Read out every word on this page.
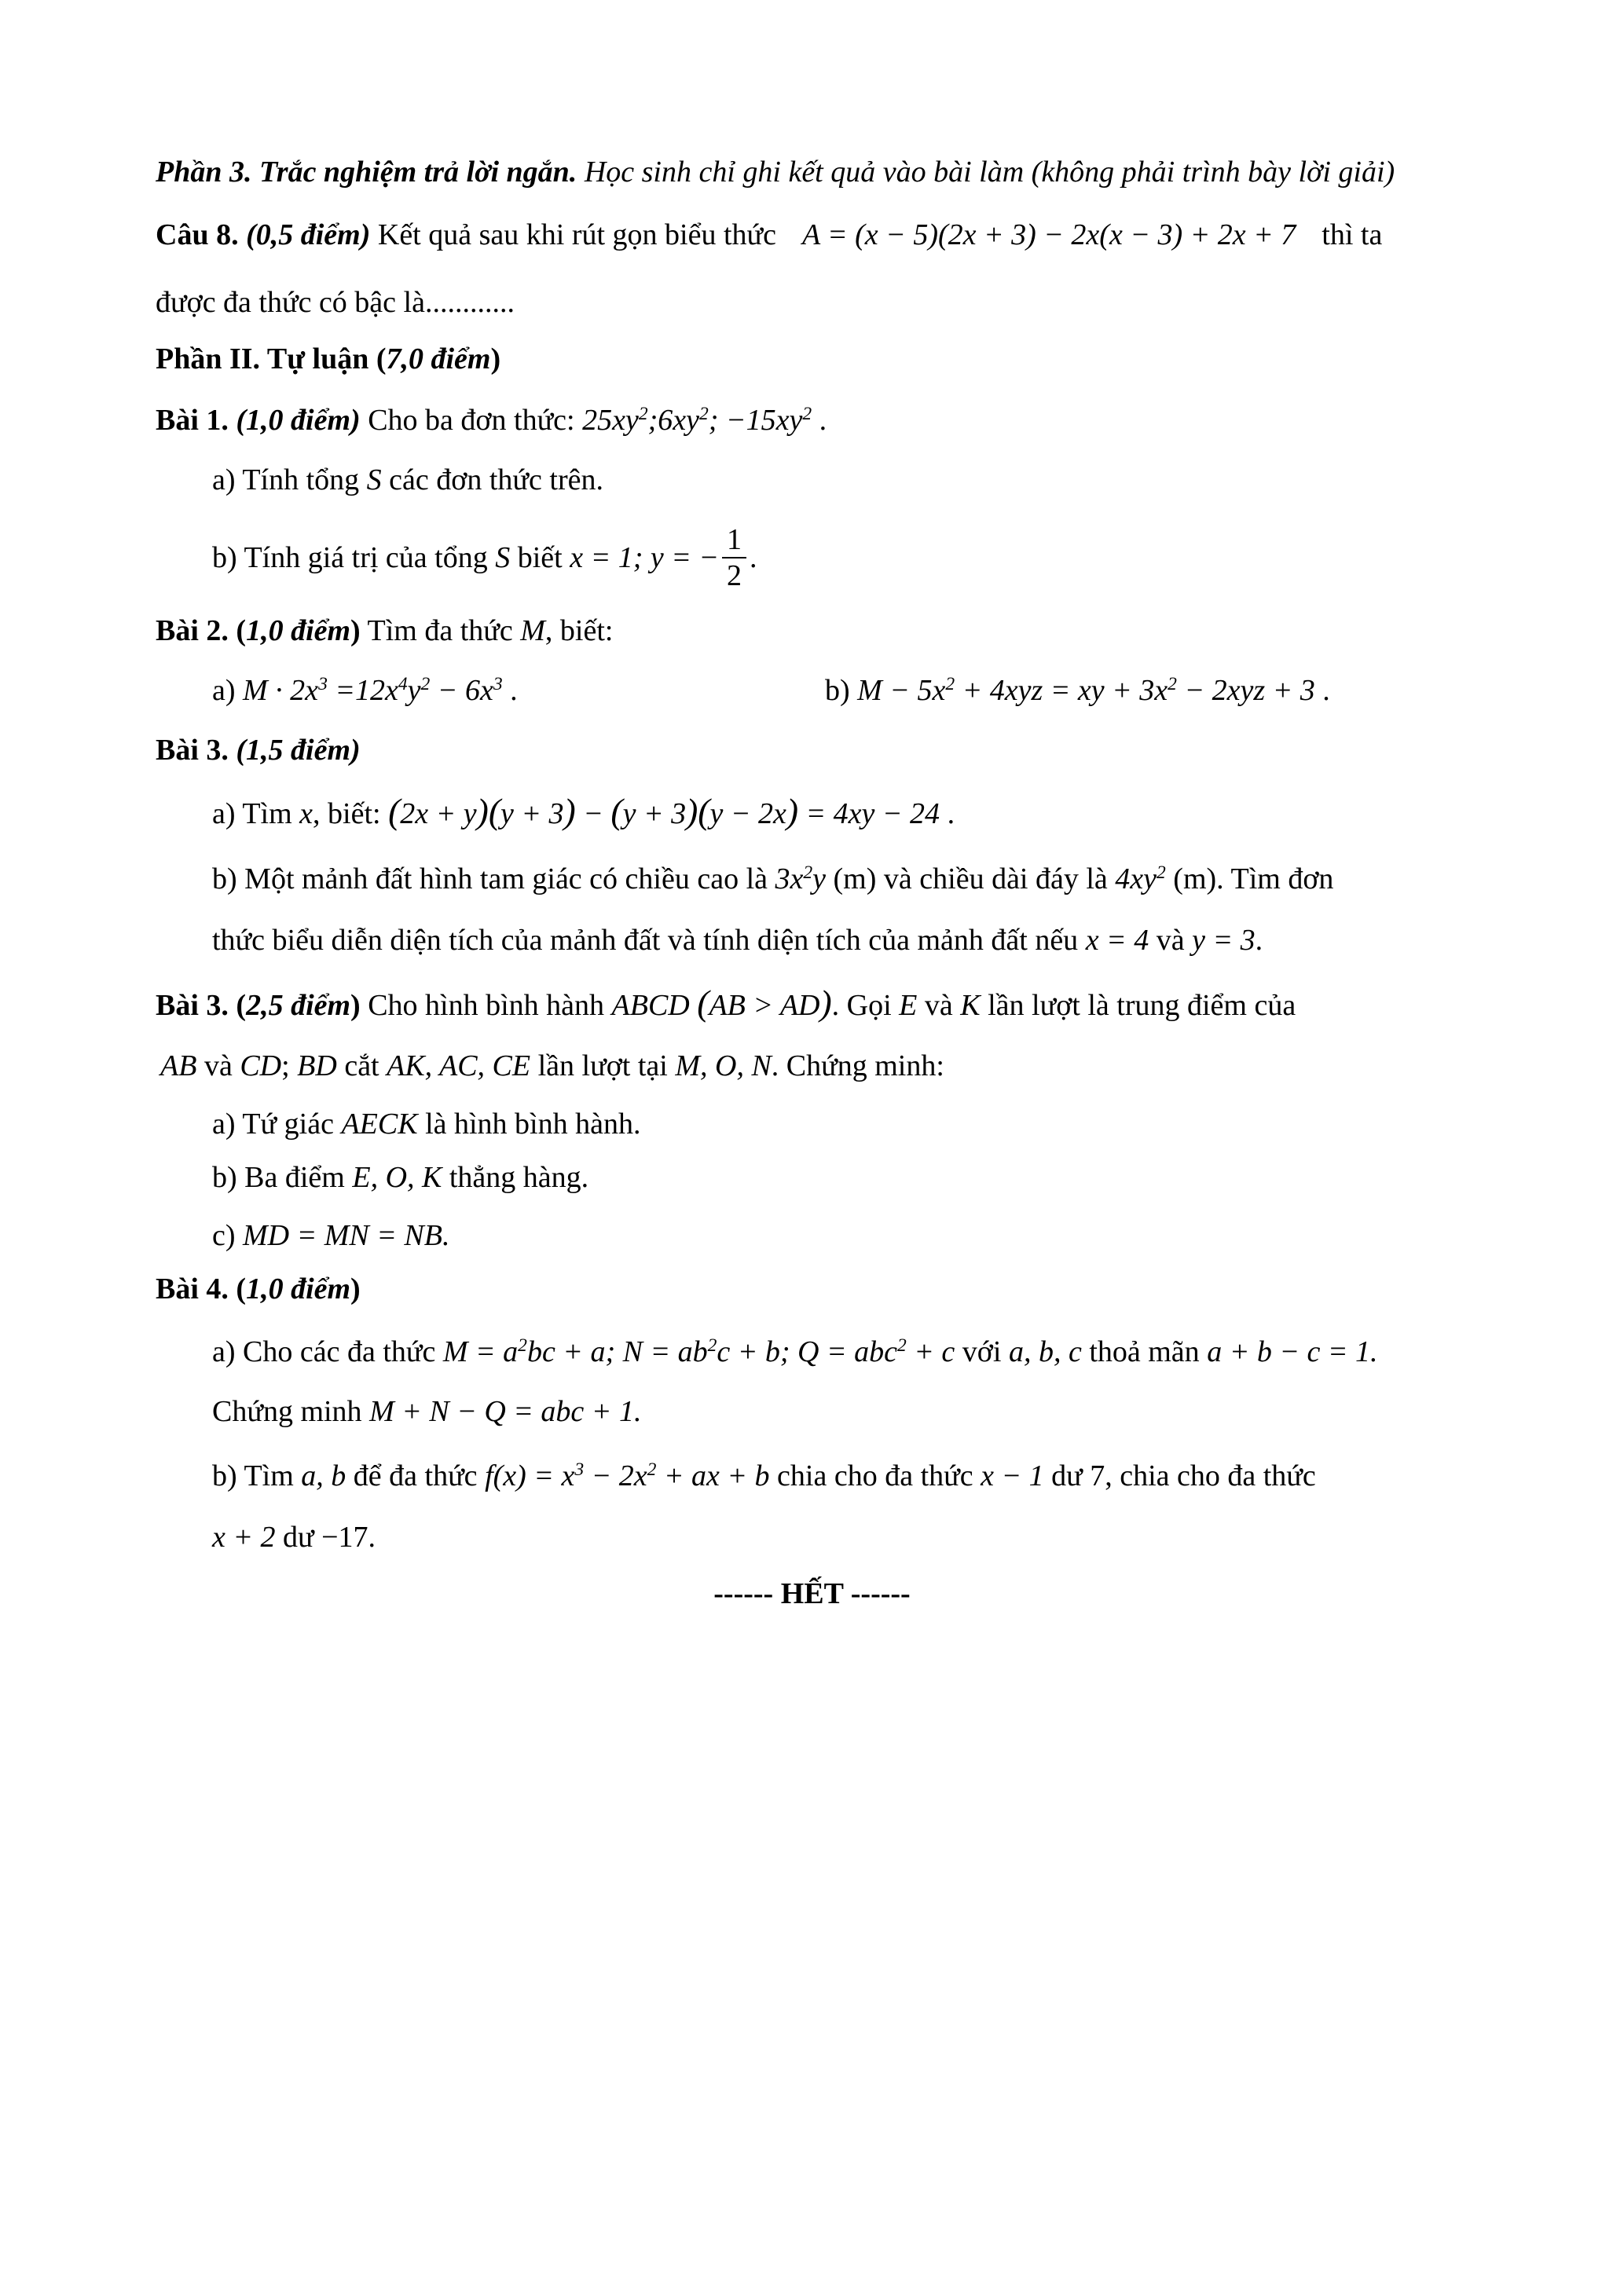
Phần 3. Trắc nghiệm trả lời ngắn. Học sinh chỉ ghi kết quả vào bài làm (không phải trình bày lời giải)
Câu 8. (0,5 điểm) Kết quả sau khi rút gọn biểu thức A = (x − 5)(2x + 3) − 2x(x − 3) + 2x + 7 thì ta
được đa thức có bậc là............
Phần II. Tự luận (7,0 điểm)
Bài 1. (1,0 điểm) Cho ba đơn thức: $25xy^2;6xy^2$; $-15xy^2$ .
a) Tính tổng S các đơn thức trên.
b) Tính giá trị của tổng
S
biết
x = 1; y = − $\frac{1}{2}$ .
Bài 2. (1,0 điểm) Tìm đa thức M, biết:
a) $M \cdot 2x^3 =12x^4y^2 - 6x^3$ .	b) $M - 5x^2 + 4xyz$ = xy + $3x^2 - 2xyz + 3$ .
Bài 3. (1,5 điểm)
a) Tìm x, biết: (2x + y)(y + 3) − (y + 3)(y − 2x) = 4xy − 24 .
b) Một mảnh đất hình tam giác có chiều cao là $3x^2y$ (m) và chiều dài đáy là $4xy^2$ (m). Tìm đơn
thức biểu diễn diện tích của mảnh đất và tính diện tích của mảnh đất nếu x = 4 và y = 3.
Bài 3. (2,5 điểm) Cho hình bình hành ABCD (AB > AD). Gọi E và K lần lượt là trung điểm của
AB và CD; BD cắt AK, AC, CE lần lượt tại M, O, N. Chứng minh:
a) Tứ giác AECK là hình bình hành.
b) Ba điểm E, O, K thẳng hàng.
c) MD = MN = NB.
Bài 4. (1,0 điểm)
a) Cho các đa thức $M = a^2bc + a$; $N = ab^2c + b$; Q = abc$^2$ + c với a, b, c thoả mãn a + b − c = 1.
Chứng minh M + N − Q = abc + 1.
b) Tìm a, b để đa thức $f(x) = x^3 - 2x^2$ + ax + b chia cho đa thức x − 1 dư 7, chia cho đa thức
x + 2 dư −17.
------ HẾT ------
